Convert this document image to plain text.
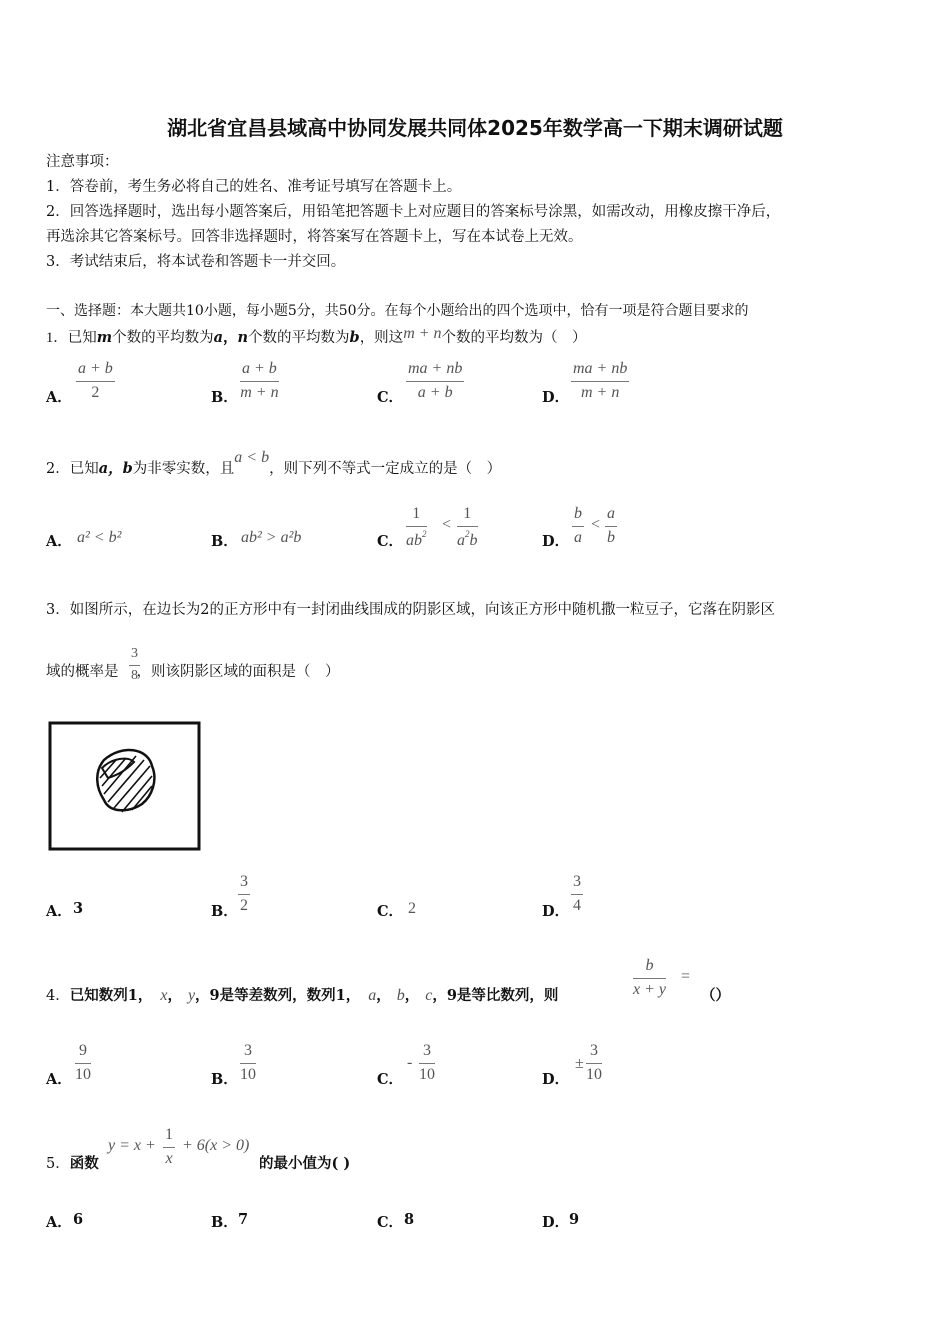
湖北省宜昌县域高中协同发展共同体2025年数学高一下期末调研试题
注意事项：
1．答卷前，考生务必将自己的姓名、准考证号填写在答题卡上。
2．回答选择题时，选出每小题答案后，用铅笔把答题卡上对应题目的答案标号涂黑，如需改动，用橡皮擦干净后，
再选涂其它答案标号。回答非选择题时，将答案写在答题卡上，写在本试卷上无效。
3．考试结束后，将本试卷和答题卡一并交回。
一、选择题：本大题共10小题，每小题5分，共50分。在每个小题给出的四个选项中，恰有一项是符合题目要求的
1．已知m个数的平均数为a，n个数的平均数为b，则这m + n个数的平均数为（　）
A． $\frac{a + b}{2}$	B． $\frac{a + b}{m + n}$	C． $\frac{ma + nb}{a + b}$	D． $\frac{ma + nb}{m + n}$
2．已知a，b为非零实数，且a < b，则下列不等式一定成立的是（　）
A． a² < b²	B． ab² > a²b	C． $\frac{1}{ab^2} < \frac{1}{a^2b}$	D． $\frac{b}{a} < \frac{a}{b}$
3．如图所示，在边长为2的正方形中有一封闭曲线围成的阴影区域，向该正方形中随机撒一粒豆子，它落在阴影区
域的概率是 ，则该阴影区域的面积是（　）
$\frac{3}{8}$
A． 3	B． $\frac{3}{2}$	C． 2	D． $\frac{3}{4}$
4．已知数列1， x， y，9是等差数列，数列1， a， b， c，9是等比数列，则	$\frac{b}{x + y}$ =
（）
A． $\frac{9}{10}$	B． $\frac{3}{10}$	C．
- $\frac{3}{10}$	D．
± $\frac{3}{10}$
5．函数
$y = x + \frac{1}{x} + 6(x > 0)$
的最小值为( )
A． 6	B． 7	C． 8	D． 9
